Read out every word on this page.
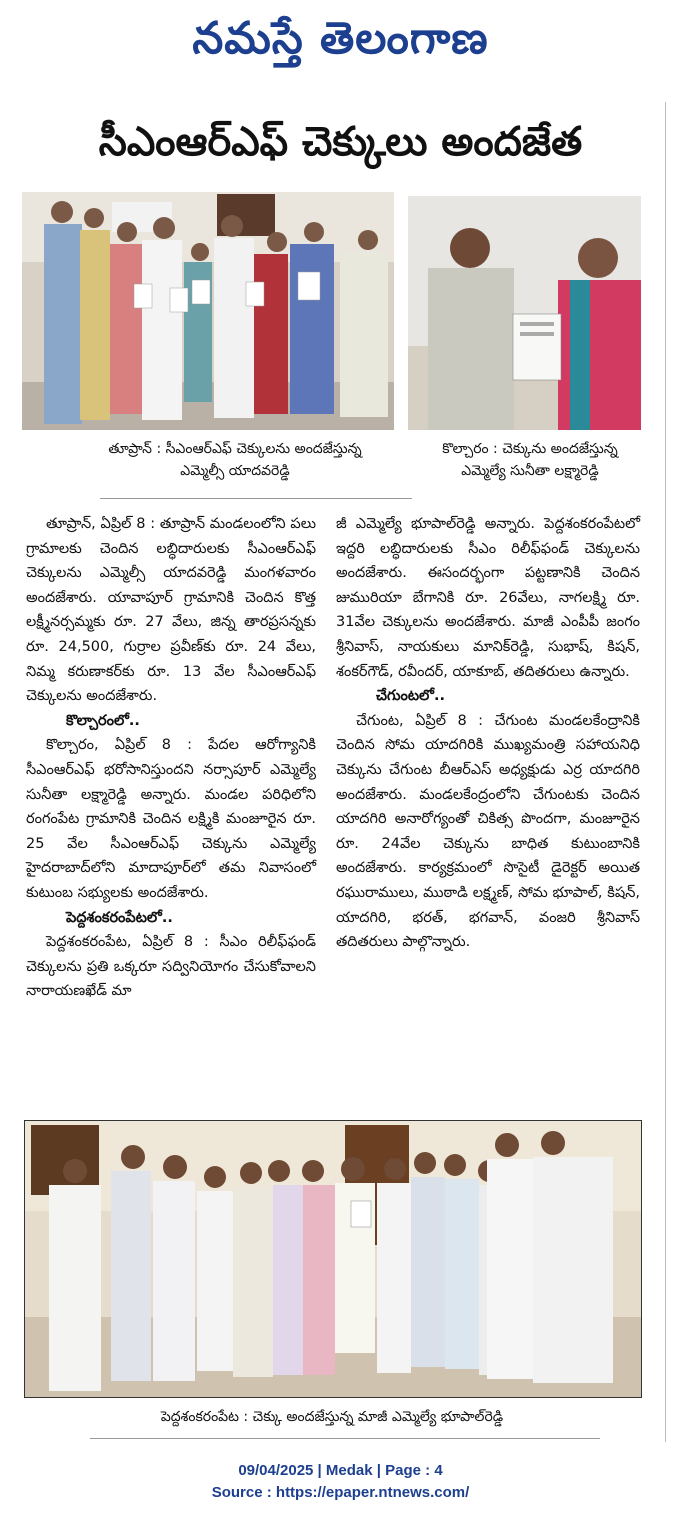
నమస్తే తెలంగాణ
సీఎంఆర్ఎఫ్ చెక్కులు అందజేత
తూప్రాన్ : సీఎంఆర్ఎఫ్ చెక్కులను అందజేస్తున్న ఎమ్మెల్సీ యాదవరెడ్డి
కొల్చారం : చెక్కును అందజేస్తున్న ఎమ్మెల్యే సునీతా లక్ష్మారెడ్డి

తూప్రాన్, ఏప్రిల్ 8 : తూప్రాన్ మండలంలోని పలు గ్రామాలకు చెందిన లబ్ధిదారులకు సీఎంఆర్ఎఫ్ చెక్కులను ఎమ్మెల్సీ యాదవరెడ్డి మంగళవారం అందజేశారు. యావాపూర్ గ్రామానికి చెందిన కొత్త లక్ష్మీనర్సమ్మకు రూ. 27 వేలు, జిన్న తారప్రసన్నకు రూ. 24,500, గుర్రాల ప్రవీణ్‌కు రూ. 24 వేలు, నిమ్మ కరుణాకర్‌కు రూ. 13 వేల సీఎంఆర్ఎఫ్ చెక్కులను అందజేశారు.

కొల్చారంలో..

కొల్చారం, ఏప్రిల్ 8 : పేదల ఆరోగ్యానికి సీఎంఆర్ఎఫ్ భరోసానిస్తుందని నర్సాపూర్ ఎమ్మెల్యే సునీతా లక్ష్మారెడ్డి అన్నారు. మండల పరిధిలోని రంగంపేట గ్రామానికి చెందిన లక్ష్మికి మంజూరైన రూ. 25 వేల సీఎంఆర్ఎఫ్ చెక్కును ఎమ్మెల్యే హైదరాబాద్‌లోని మాదాపూర్‌లో తమ నివాసంలో కుటుంబ సభ్యులకు అందజేశారు.

పెద్దశంకరంపేటలో..

పెద్దశంకరంపేట, ఏప్రిల్ 8 : సీఎం రిలీఫ్‌ఫండ్ చెక్కులను ప్రతి ఒక్కరూ సద్వినియోగం చేసుకోవాలని నారాయణఖేడ్ మా

జీ ఎమ్మెల్యే భూపాల్‌రెడ్డి అన్నారు. పెద్దశంకరంపేటలో ఇద్దరి లబ్ధిదారులకు సీఎం రిలీఫ్‌ఫండ్ చెక్కులను అందజేశారు. ఈసందర్భంగా పట్టణానికి చెందిన జుమురియా బేగానికి రూ. 26వేలు, నాగలక్ష్మి రూ. 31వేల చెక్కులను అందజేశారు. మాజీ ఎంపీపీ జంగం శ్రీనివాస్, నాయకులు మానిక్‌రెడ్డి, సుభాష్, కిషన్, శంకర్‌గౌడ్, రవీందర్, యాకూబ్, తదితరులు ఉన్నారు.

చేగుంటలో..

చేగుంట, ఏప్రిల్ 8 : చేగుంట మండలకేంద్రానికి చెందిన సోమ యాదగిరికి ముఖ్యమంత్రి సహాయనిధి చెక్కును చేగుంట బీఆర్ఎస్ అధ్యక్షుడు ఎర్ర యాదగిరి అందజేశారు. మండలకేంద్రంలోని చేగుంటకు చెందిన యాదగిరి అనారోగ్యంతో చికిత్స పొందగా, మంజూరైన రూ. 24వేల చెక్కును బాధిత కుటుంబానికి అందజేశారు. కార్యక్రమంలో సొసైటీ డైరెక్టర్ అయిత రఘురాములు, ముఠాడి లక్ష్మణ్, సోమ భూపాల్, కిషన్, యాదగిరి, భరత్, భగవాన్, వంజరి శ్రీనివాస్ తదితరులు పాల్గొన్నారు.

పెద్దశంకరంపేట : చెక్కు అందజేస్తున్న మాజీ ఎమ్మెల్యే భూపాల్‌రెడ్డి
09/04/2025 | Medak | Page : 4
Source : https://epaper.ntnews.com/
